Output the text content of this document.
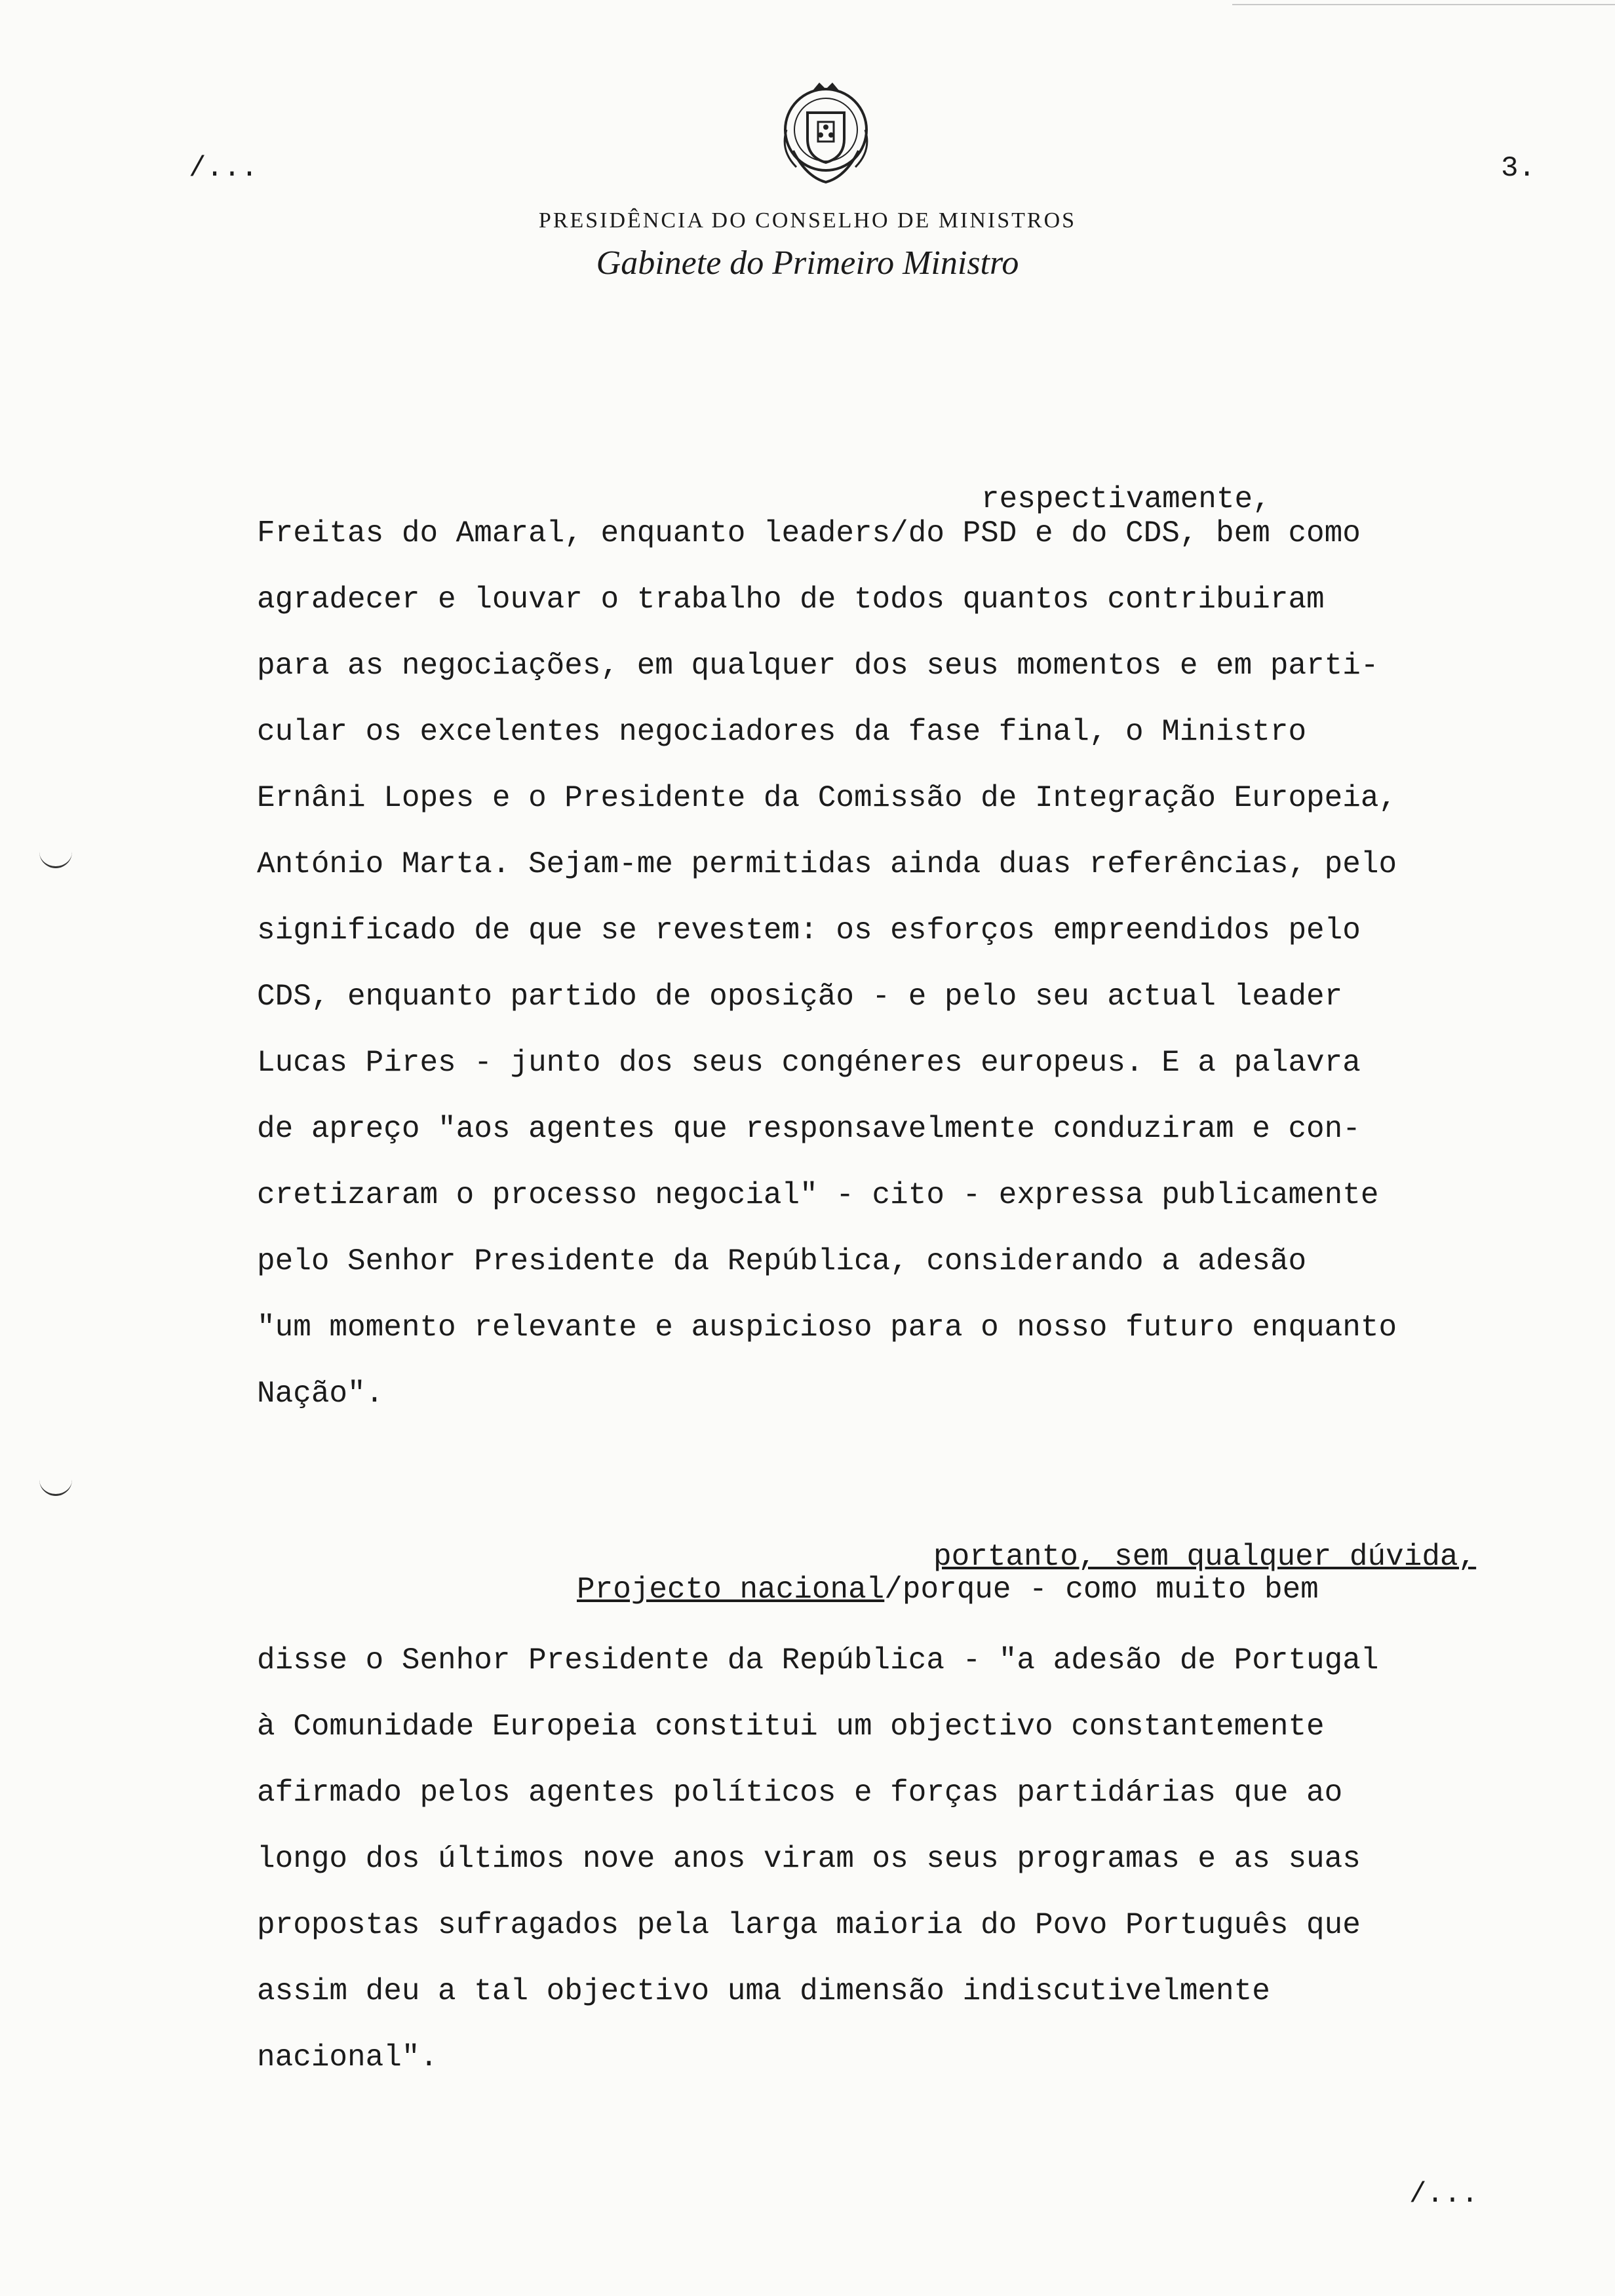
/...	3.
PRESIDÊNCIA DO CONSELHO DE MINISTROS
Gabinete do Primeiro Ministro
respectivamente,
Freitas do Amaral, enquanto leaders/do PSD e do CDS, bem como
agradecer e louvar o trabalho de todos quantos contribuiram
para as negociações, em qualquer dos seus momentos e em parti-
cular os excelentes negociadores da fase final, o Ministro
Ernâni Lopes e o Presidente da Comissão de Integração Europeia,
António Marta. Sejam-me permitidas ainda duas referências, pelo
significado de que se revestem: os esforços empreendidos pelo
CDS, enquanto partido de oposição - e pelo seu actual leader
Lucas Pires - junto dos seus congéneres europeus. E a palavra
de apreço "aos agentes que responsavelmente conduziram e con-
cretizaram o processo negocial" - cito - expressa publicamente
pelo Senhor Presidente da República, considerando a adesão
"um momento relevante e auspicioso para o nosso futuro enquanto
Nação".
portanto, sem qualquer dúvida,
Projecto nacional/porque - como muito bem
disse o Senhor Presidente da República - "a adesão de Portugal
à Comunidade Europeia constitui um objectivo constantemente
afirmado pelos agentes políticos e forças partidárias que ao
longo dos últimos nove anos viram os seus programas e as suas
propostas sufragados pela larga maioria do Povo Português que
assim deu a tal objectivo uma dimensão indiscutivelmente
nacional".
/...
